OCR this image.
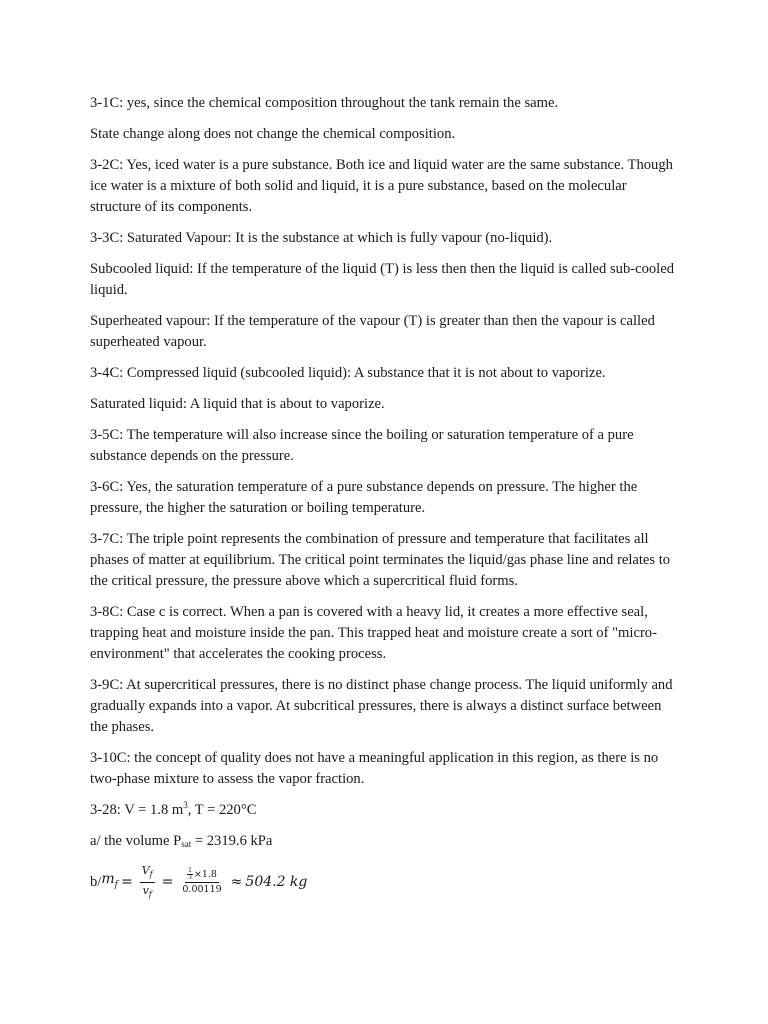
3-1C: yes, since the chemical composition throughout the tank remain the same.

State change along does not change the chemical composition.

3-2C: Yes, iced water is a pure substance. Both ice and liquid water are the same substance. Though ice water is a mixture of both solid and liquid, it is a pure substance, based on the molecular structure of its components.

3-3C: Saturated Vapour: It is the substance at which is fully vapour (no-liquid).

Subcooled liquid: If the temperature of the liquid (T) is less then then the liquid is called sub-cooled liquid.

Superheated vapour: If the temperature of the vapour (T) is greater than then the vapour is called superheated vapour.

3-4C: Compressed liquid (subcooled liquid): A substance that it is not about to vaporize.

Saturated liquid: A liquid that is about to vaporize.

3-5C: The temperature will also increase since the boiling or saturation temperature of a pure substance depends on the pressure.

3-6C: Yes, the saturation temperature of a pure substance depends on pressure. The higher the pressure, the higher the saturation or boiling temperature.

3-7C: The triple point represents the combination of pressure and temperature that facilitates all phases of matter at equilibrium. The critical point terminates the liquid/gas phase line and relates to the critical pressure, the pressure above which a supercritical fluid forms.

3-8C: Case c is correct. When a pan is covered with a heavy lid, it creates a more effective seal, trapping heat and moisture inside the pan. This trapped heat and moisture create a sort of "micro-environment" that accelerates the cooking process.

3-9C: At supercritical pressures, there is no distinct phase change process. The liquid uniformly and gradually expands into a vapor. At subcritical pressures, there is always a distinct surface between the phases.

3-10C: the concept of quality does not have a meaningful application in this region, as there is no two-phase mixture to assess the vapor fraction.

3-28: V = 1.8 $m^3$, T = 220°C

a/ the volume $P_{sat} = 2319.6$ kPa

b/ $m_f = \frac{V_f}{v_f} = \frac{\frac{1}{3} \times 1.8}{0.00119} \approx 504.2$ kg
